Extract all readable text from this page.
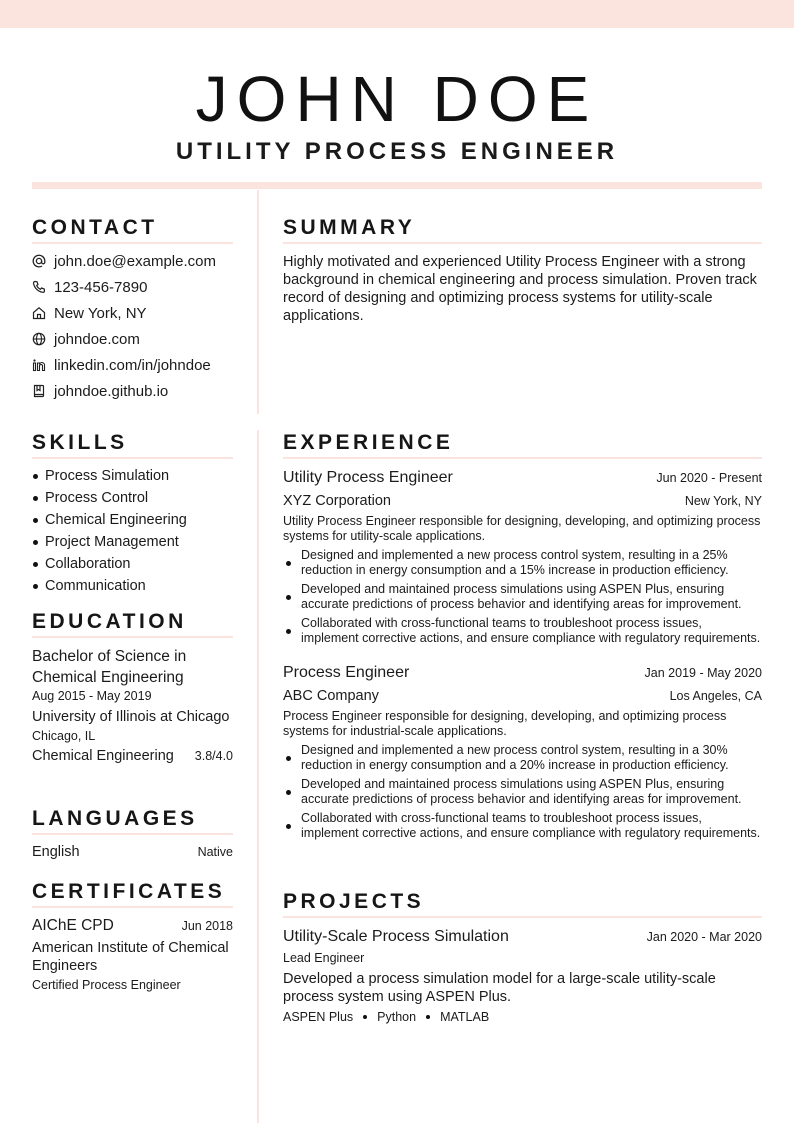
JOHN DOE
UTILITY PROCESS ENGINEER
CONTACT
john.doe@example.com
123-456-7890
New York, NY
johndoe.com
linkedin.com/in/johndoe
johndoe.github.io
SUMMARY

Highly motivated and experienced Utility Process Engineer with a strong background in chemical engineering and process simulation. Proven track record of designing and optimizing process systems for utility-scale applications.

SKILLS
Process Simulation
Process Control
Chemical Engineering
Project Management
Collaboration
Communication
EDUCATION
Bachelor of Science in Chemical Engineering
Aug 2015 - May 2019
University of Illinois at Chicago
Chicago, IL
Chemical Engineering 3.8/4.0
LANGUAGES
English	Native
CERTIFICATES
AIChE CPD	Jun 2018
American Institute of Chemical Engineers
Certified Process Engineer
EXPERIENCE
Utility Process Engineer	Jun 2020 - Present
XYZ Corporation	New York, NY

Utility Process Engineer responsible for designing, developing, and optimizing process systems for utility-scale applications.

Designed and implemented a new process control system, resulting in a 25% reduction in energy consumption and a 15% increase in production efficiency.
Developed and maintained process simulations using ASPEN Plus, ensuring accurate predictions of process behavior and identifying areas for improvement.
Collaborated with cross-functional teams to troubleshoot process issues, implement corrective actions, and ensure compliance with regulatory requirements.
Process Engineer	Jan 2019 - May 2020
ABC Company	Los Angeles, CA

Process Engineer responsible for designing, developing, and optimizing process systems for industrial-scale applications.

Designed and implemented a new process control system, resulting in a 30% reduction in energy consumption and a 20% increase in production efficiency.
Developed and maintained process simulations using ASPEN Plus, ensuring accurate predictions of process behavior and identifying areas for improvement.
Collaborated with cross-functional teams to troubleshoot process issues, implement corrective actions, and ensure compliance with regulatory requirements.
PROJECTS
Utility-Scale Process Simulation	Jan 2020 - Mar 2020
Lead Engineer

Developed a process simulation model for a large-scale utility-scale process system using ASPEN Plus.

ASPEN Plus Python MATLAB
